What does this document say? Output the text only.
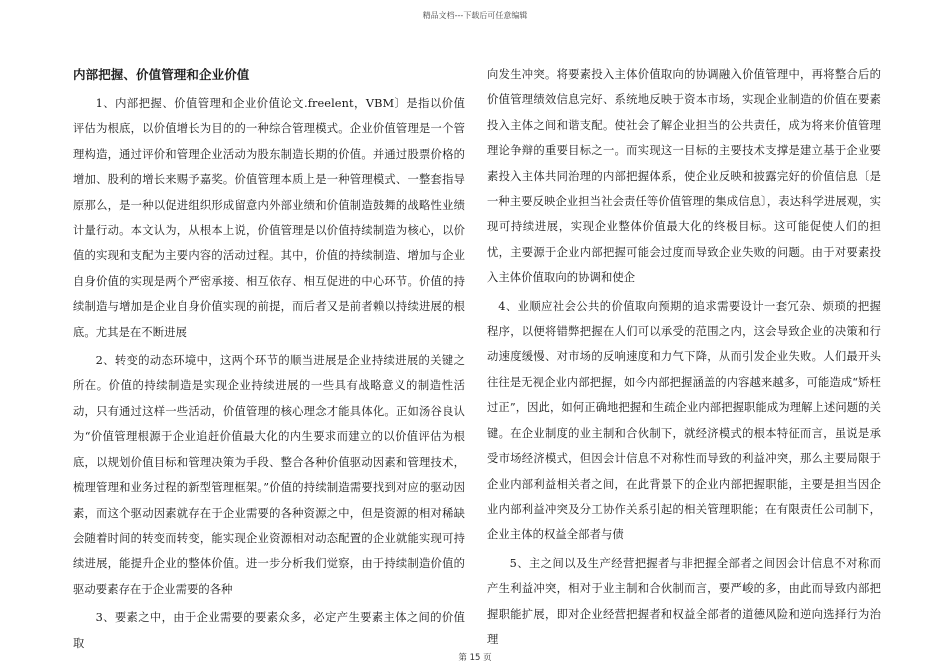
精品文档---下载后可任意编辑
内部把握、价值管理和企业价值

1、内部把握、价值管理和企业价值论文.freelent，VBM〕是指以价值评估为根底，以价值增长为目的的一种综合管理模式。企业价值管理是一个管理构造，通过评价和管理企业活动为股东制造长期的价值。并通过股票价格的增加、股利的增长来赐予嘉奖。价值管理本质上是一种管理模式、一整套指导原那么，是一种以促进组织形成留意内外部业绩和价值制造鼓舞的战略性业绩计量行动。本文认为，从根本上说，价值管理是以价值持续制造为核心，以价值的实现和支配为主要内容的活动过程。其中，价值的持续制造、增加与企业自身价值的实现是两个严密承接、相互依存、相互促进的中心环节。价值的持续制造与增加是企业自身价值实现的前提，而后者又是前者赖以持续进展的根底。尤其是在不断进展

2、转变的动态环境中，这两个环节的顺当进展是企业持续进展的关键之所在。价值的持续制造是实现企业持续进展的一些具有战略意义的制造性活动，只有通过这样一些活动，价值管理的核心理念才能具体化。正如汤谷良认为“价值管理根源于企业追赶价值最大化的内生要求而建立的以价值评估为根底，以规划价值目标和管理决策为手段、整合各种价值驱动因素和管理技术，梳理管理和业务过程的新型管理框架。”价值的持续制造需要找到对应的驱动因素，而这个驱动因素就存在于企业需要的各种资源之中，但是资源的相对稀缺会随着时间的转变而转变，能实现企业资源相对动态配置的企业就能实现可持续进展，能提升企业的整体价值。进一步分析我们觉察，由于持续制造价值的驱动要素存在于企业需要的各种

3、要素之中，由于企业需要的要素众多，必定产生要素主体之间的价值取

向发生冲突。将要素投入主体价值取向的协调融入价值管理中，再将整合后的价值管理绩效信息完好、系统地反映于资本市场，实现企业制造的价值在要素投入主体之间和谐支配。使社会了解企业担当的公共责任，成为将来价值管理理论争辩的重要目标之一。而实现这一目标的主要技术支撑是建立基于企业要素投入主体共同治理的内部把握体系，使企业反映和披露完好的价值信息〔是一种主要反映企业担当社会责任等价值管理的集成信息〕，表达科学进展观，实现可持续进展，实现企业整体价值最大化的终极目标。这可能促使人们的担忧，主要源于企业内部把握可能会过度而导致企业失败的问题。由于对要素投入主体价值取向的协调和使企

4、业顺应社会公共的价值取向预期的追求需要设计一套冗杂、烦琐的把握程序，以便将错弊把握在人们可以承受的范围之内，这会导致企业的决策和行动速度缓慢、对市场的反响速度和力气下降，从而引发企业失败。人们最开头往往是无视企业内部把握，如今内部把握涵盖的内容越来越多，可能造成“矫枉过正”，因此，如何正确地把握和生疏企业内部把握职能成为理解上述问题的关键。在企业制度的业主制和合伙制下，就经济模式的根本特征而言，虽说是承受市场经济模式，但因会计信息不对称性而导致的利益冲突，那么主要局限于企业内部利益相关者之间，在此背景下的企业内部把握职能，主要是担当因企业内部利益冲突及分工协作关系引起的相关管理职能；在有限责任公司制下，企业主体的权益全部者与债

5、主之间以及生产经营把握者与非把握全部者之间因会计信息不对称而产生利益冲突，相对于业主制和合伙制而言，要严峻的多，由此而导致内部把握职能扩展，即对企业经营把握者和权益全部者的道德风险和逆向选择行为治理

第 15 页
